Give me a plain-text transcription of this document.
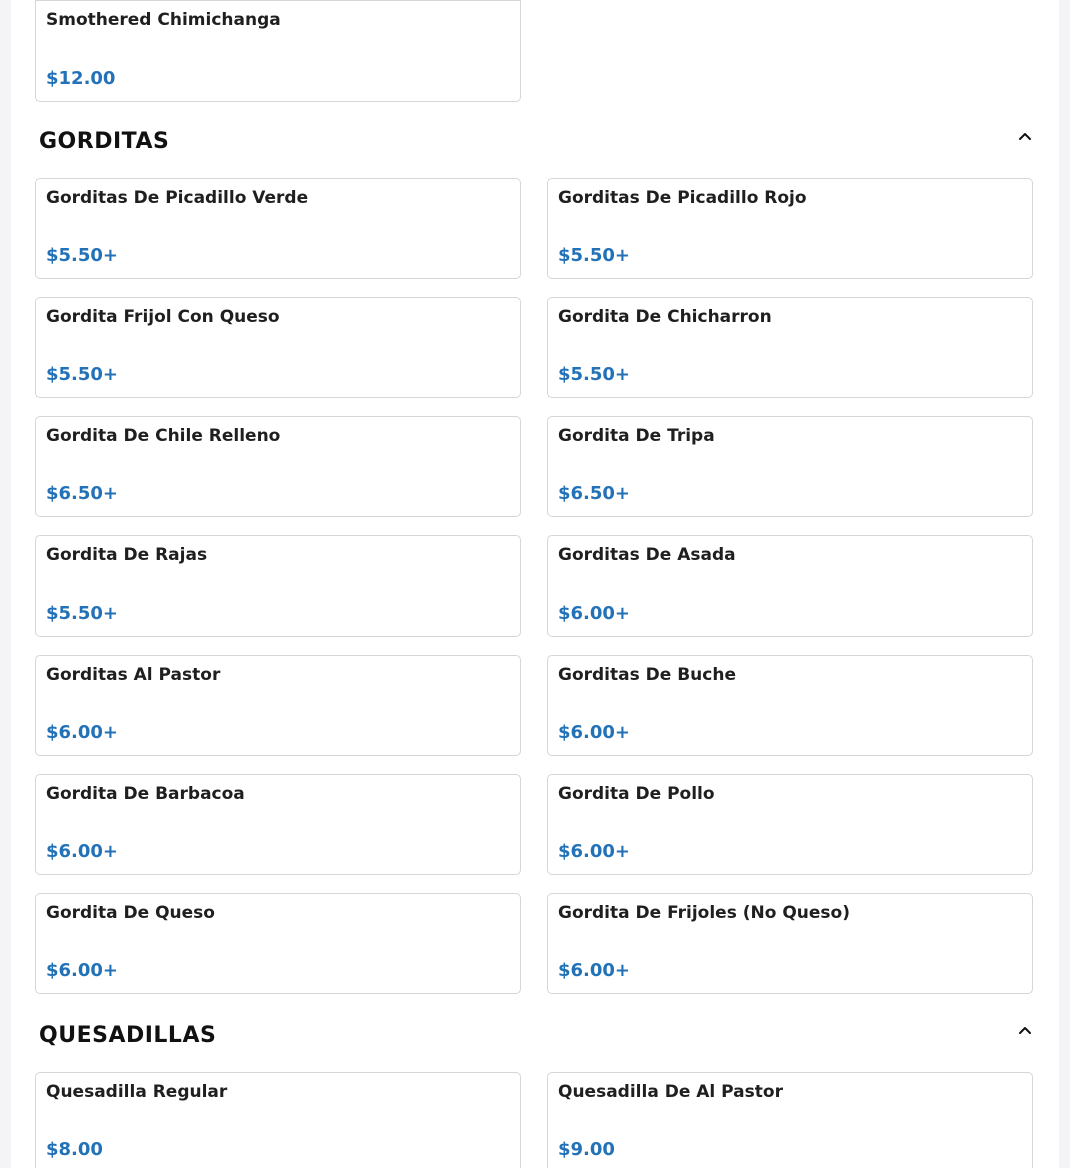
Smothered Chimichanga
$12.00
GORDITAS
Gorditas De Picadillo Verde
$5.50+
Gorditas De Picadillo Rojo
$5.50+
Gordita Frijol Con Queso
$5.50+
Gordita De Chicharron
$5.50+
Gordita De Chile Relleno
$6.50+
Gordita De Tripa
$6.50+
Gordita De Rajas
$5.50+
Gorditas De Asada
$6.00+
Gorditas Al Pastor
$6.00+
Gorditas De Buche
$6.00+
Gordita De Barbacoa
$6.00+
Gordita De Pollo
$6.00+
Gordita De Queso
$6.00+
Gordita De Frijoles (No Queso)
$6.00+
QUESADILLAS
Quesadilla Regular
$8.00
Quesadilla De Al Pastor
$9.00
